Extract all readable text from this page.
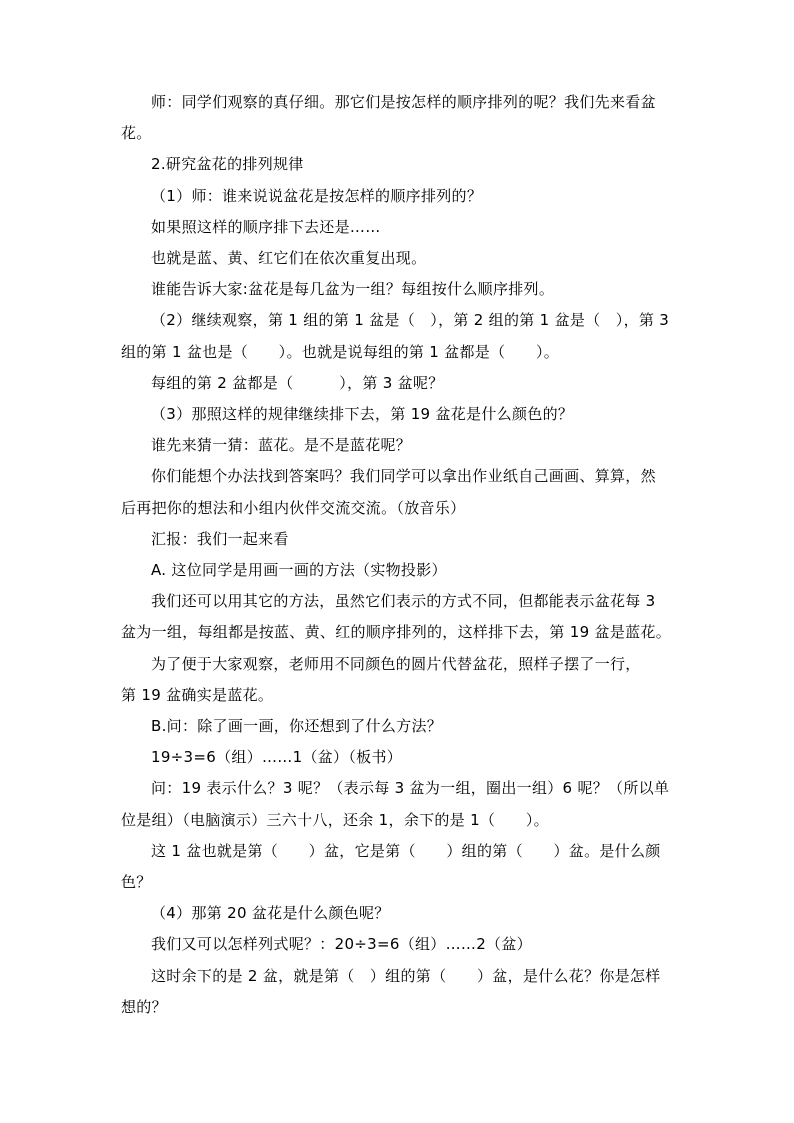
师：同学们观察的真仔细。那它们是按怎样的顺序排列的呢？我们先来看盆
花。

2.研究盆花的排列规律

（1）师：谁来说说盆花是按怎样的顺序排列的？

如果照这样的顺序排下去还是……

也就是蓝、黄、红它们在依次重复出现。

谁能告诉大家:盆花是每几盆为一组？每组按什么顺序排列。

（2）继续观察，第 1 组的第 1 盆是（　），第 2 组的第 1 盆是（　），第 3
组的第 1 盆也是（　　）。也就是说每组的第 1 盆都是（　　）。

每组的第 2 盆都是（　　　），第 3 盆呢？

（3）那照这样的规律继续排下去，第 19 盆花是什么颜色的？

谁先来猜一猜：蓝花。是不是蓝花呢？

你们能想个办法找到答案吗？我们同学可以拿出作业纸自己画画、算算，然
后再把你的想法和小组内伙伴交流交流。（放音乐）

汇报：我们一起来看

A. 这位同学是用画一画的方法（实物投影）

我们还可以用其它的方法，虽然它们表示的方式不同，但都能表示盆花每 3
盆为一组，每组都是按蓝、黄、红的顺序排列的，这样排下去，第 19 盆是蓝花。

为了便于大家观察，老师用不同颜色的圆片代替盆花，照样子摆了一行，
第 19 盆确实是蓝花。

B.问：除了画一画，你还想到了什么方法？

19÷3=6（组）……1（盆）（板书）

问：19 表示什么？3 呢？（表示每 3 盆为一组，圈出一组）6 呢？（所以单
位是组）（电脑演示）三六十八，还余 1，余下的是 1（　　）。

这 1 盆也就是第（　　）盆，它是第（　　）组的第（　　）盆。是什么颜
色？

（4）那第 20 盆花是什么颜色呢？

我们又可以怎样列式呢？：20÷3=6（组）……2（盆）

这时余下的是 2 盆，就是第（　）组的第（　　）盆，是什么花？你是怎样
想的？
